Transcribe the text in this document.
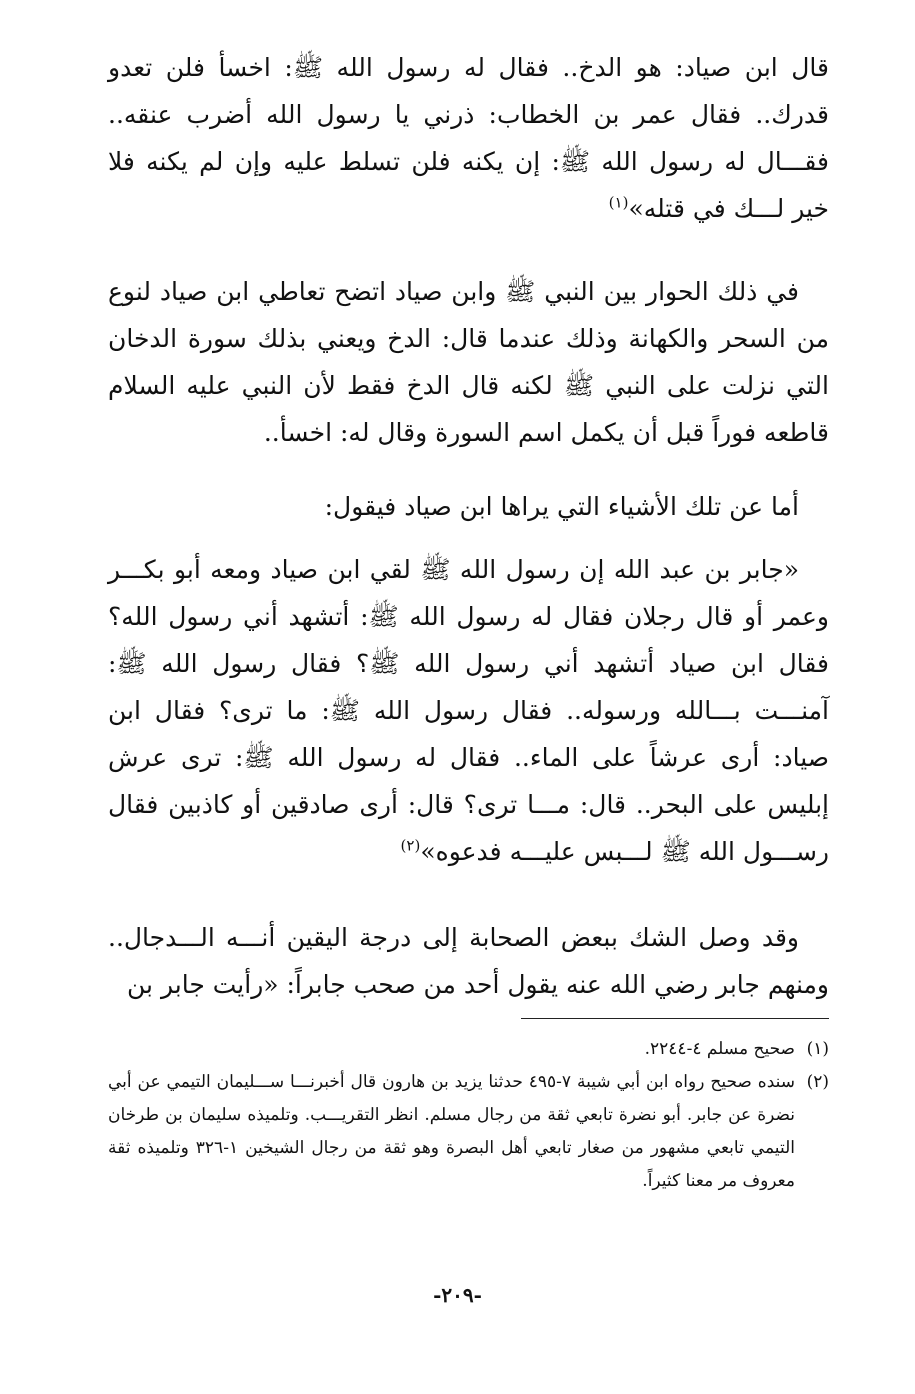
قال ابن صياد: هو الدخ.. فقال له رسول الله ﷺ: اخسأ فلن تعدو قدرك.. فقال عمر بن الخطاب: ذرني يا رسول الله أضرب عنقه.. فقـــال له رسول الله ﷺ: إن يكنه فلن تسلط عليه وإن لم يكنه فلا خير لـــك في قتله»$^{(١)}$

في ذلك الحوار بين النبي ﷺ وابن صياد اتضح تعاطي ابن صياد لنوع من السحر والكهانة وذلك عندما قال: الدخ ويعني بذلك سورة الدخان التي نزلت على النبي ﷺ لكنه قال الدخ فقط لأن النبي عليه السلام قاطعه فوراً قبل أن يكمل اسم السورة وقال له: اخسأ..

أما عن تلك الأشياء التي يراها ابن صياد فيقول:

«جابر بن عبد الله إن رسول الله ﷺ لقي ابن صياد ومعه أبو بكـــر وعمر أو قال رجلان فقال له رسول الله ﷺ: أتشهد أني رسول الله؟ فقال ابن صياد أتشهد أني رسول الله ﷺ؟ فقال رسول الله ﷺ: آمنـــت بـــالله ورسوله.. فقال رسول الله ﷺ: ما ترى؟ فقال ابن صياد: أرى عرشاً على الماء.. فقال له رسول الله ﷺ: ترى عرش إبليس على البحر.. قال: مـــا ترى؟ قال: أرى صادقين أو كاذبين فقال رســـول الله ﷺ لـــبس عليـــه فدعوه»$^{(٢)}$

وقد وصل الشك ببعض الصحابة إلى درجة اليقين أنـــه الـــدجال.. ومنهم جابر رضي الله عنه يقول أحد من صحب جابراً: «رأيت جابر بن

(١)صحيح مسلم ٤-٢٢٤٤.

(٢)سنده صحيح رواه ابن أبي شيبة ٧-٤٩٥ حدثنا يزيد بن هارون قال أخبرنـــا ســـليمان التيمي عن أبي نضرة عن جابر. أبو نضرة تابعي ثقة من رجال مسلم. انظر التقريـــب. وتلميذه سليمان بن طرخان التيمي تابعي مشهور من صغار تابعي أهل البصرة وهو ثقة من رجال الشيخين ١-٣٢٦ وتلميذه ثقة معروف مر معنا كثيراً.

-٢٠٩-
